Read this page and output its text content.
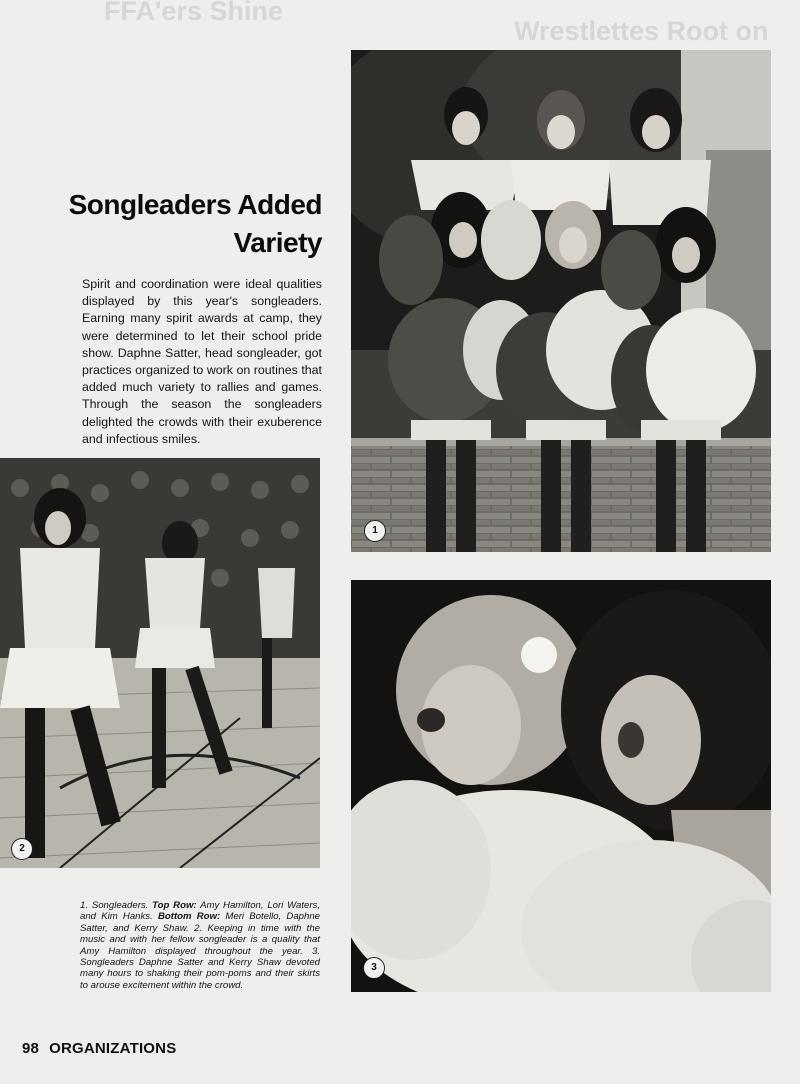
FFA'ers Shine
Wrestlettes Root on
1
Songleaders Added
Variety
Spirit and coordination were ideal qualities displayed by this year's songleaders. Earning many spirit awards at camp, they were determined to let their school pride show. Daphne Satter, head songleader, got practices organized to work on routines that added much variety to rallies and games. Through the season the songleaders delighted the crowds with their exuberence and infectious smiles.
2
3
1. Songleaders. Top Row: Amy Hamilton, Lori Waters, and Kim Hanks. Bottom Row: Meri Botello, Daphne Satter, and Kerry Shaw. 2. Keeping in time with the music and with her fellow songleader is a quality that Amy Hamilton displayed throughout the year. 3. Songleaders Daphne Satter and Kerry Shaw devoted many hours to shaking their pom-poms and their skirts to arouse excitement within the crowd.
98 ORGANIZATIONS
